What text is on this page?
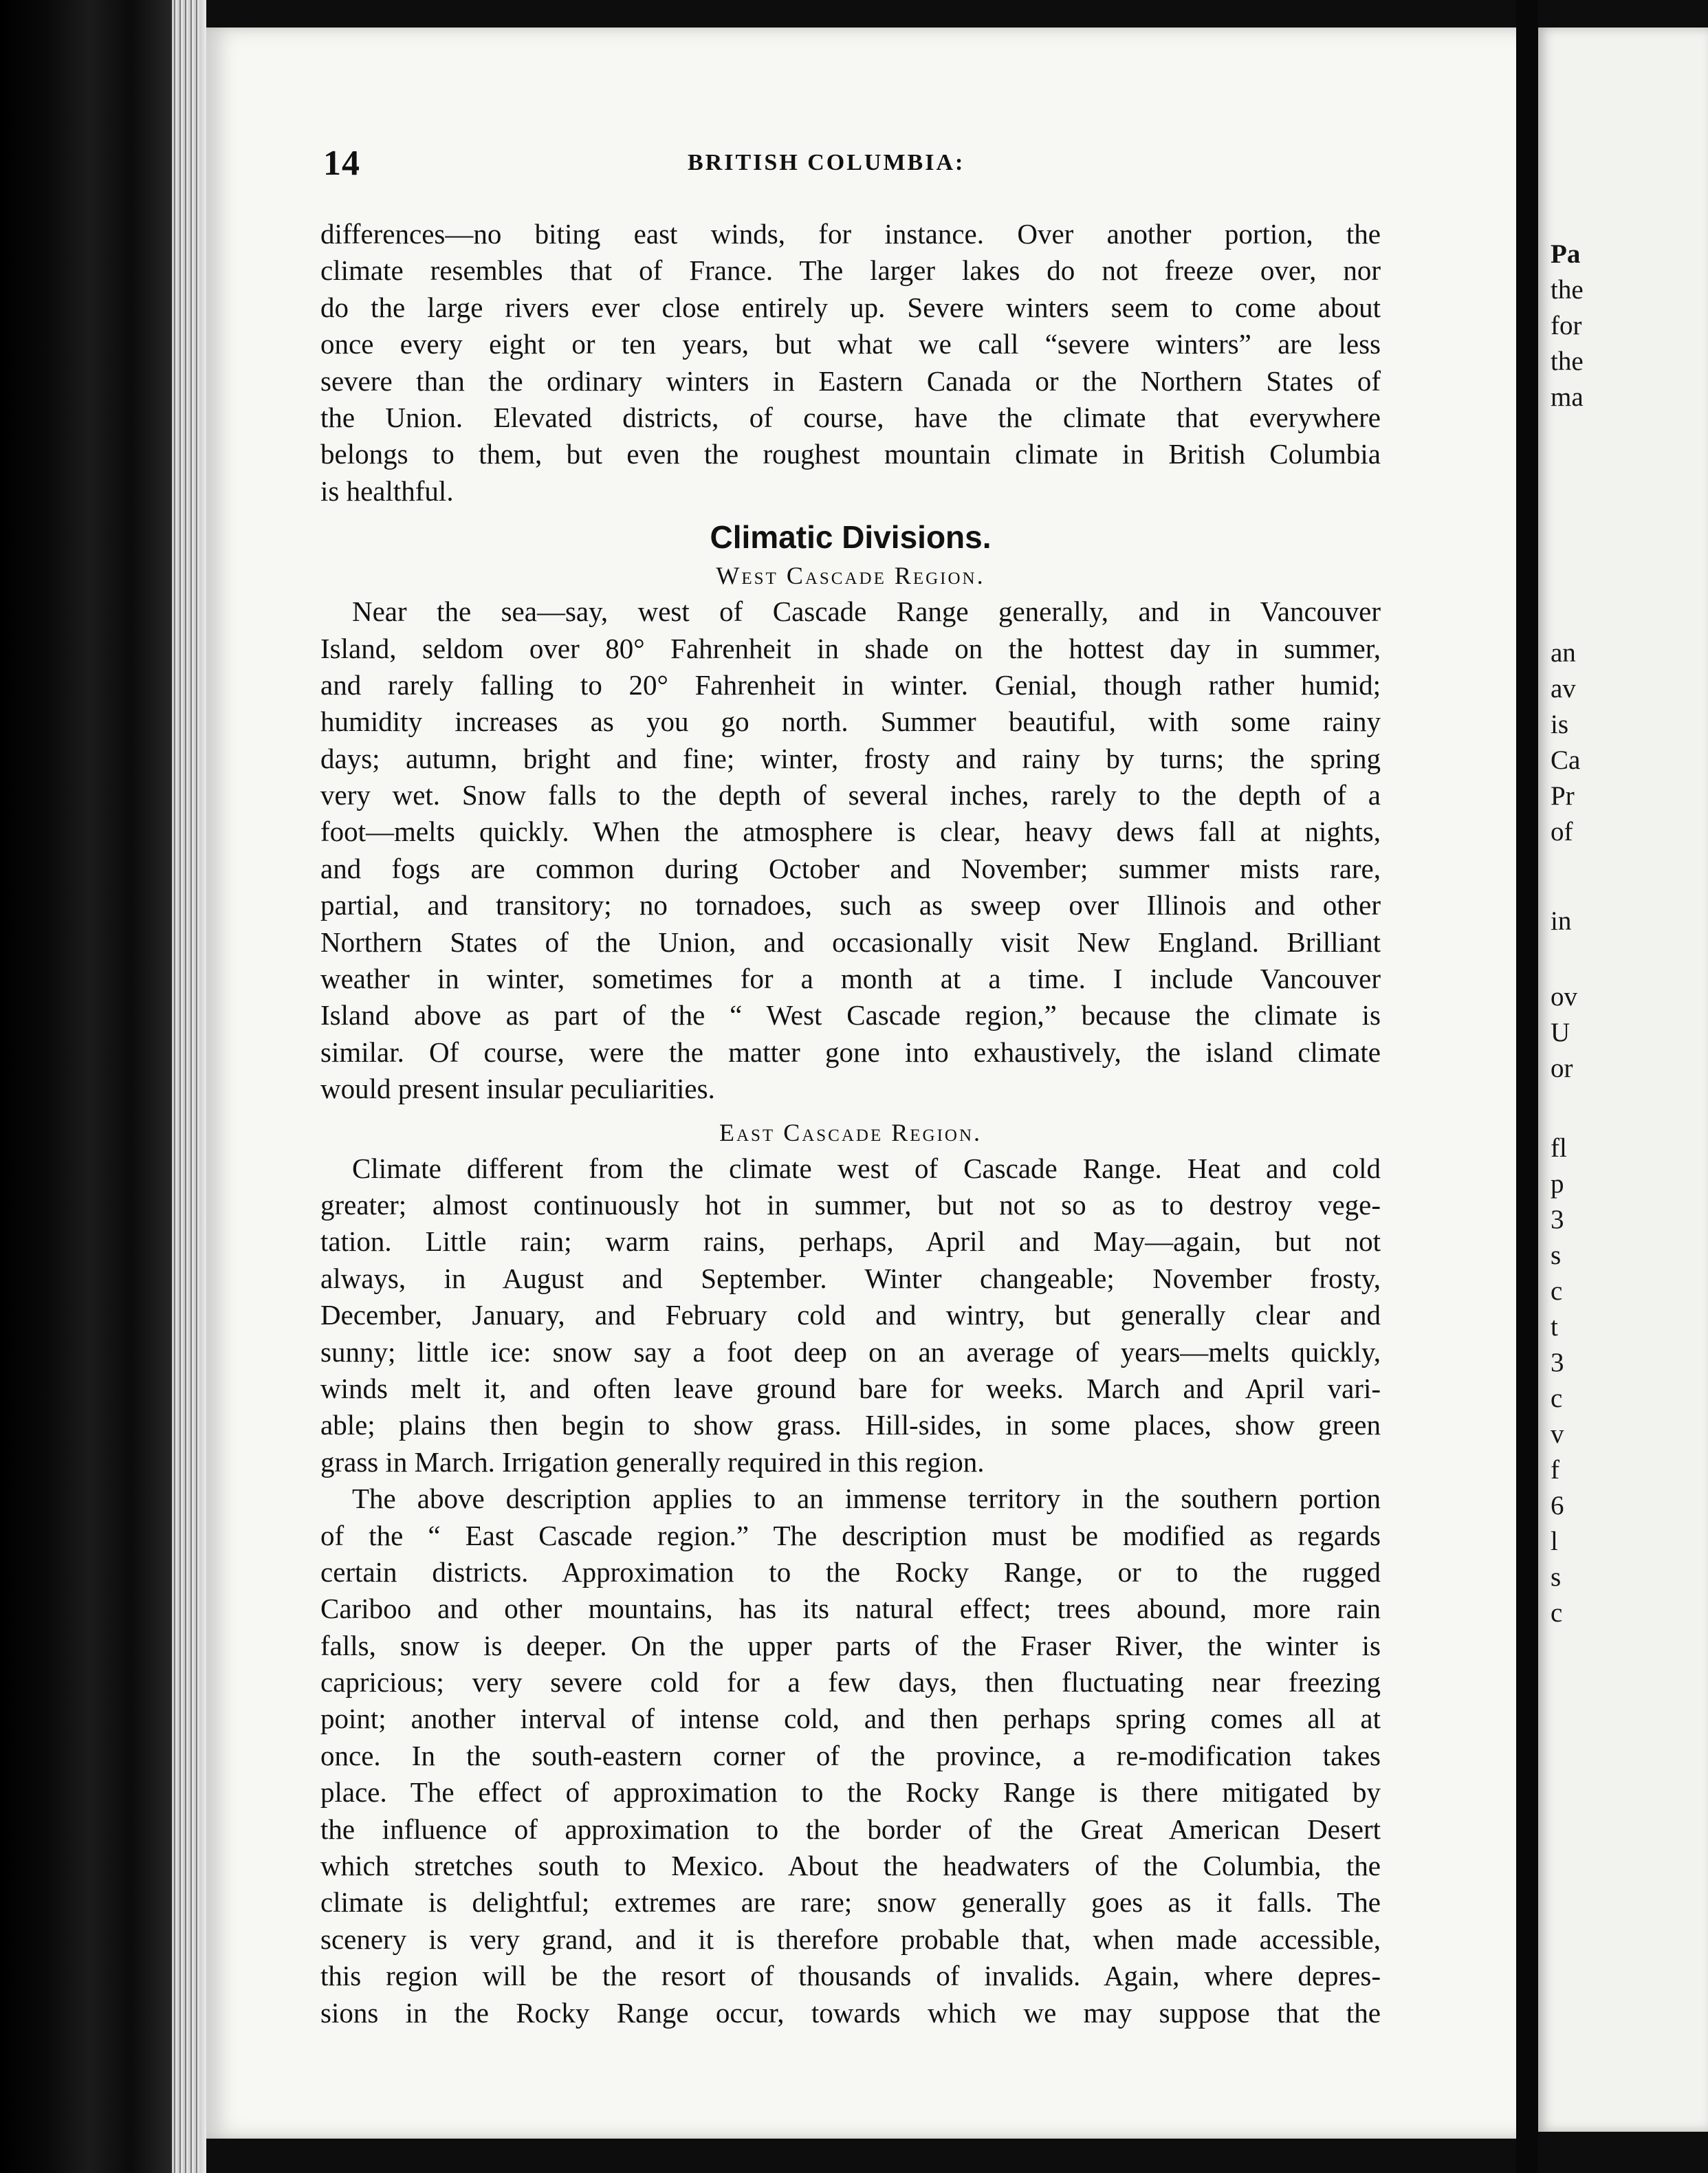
14	BRITISH COLUMBIA:
differences—no biting east winds, for instance. Over another portion, the
climate resembles that of France. The larger lakes do not freeze over, nor
do the large rivers ever close entirely up. Severe winters seem to come about
once every eight or ten years, but what we call “severe winters” are less
severe than the ordinary winters in Eastern Canada or the Northern States of
the Union. Elevated districts, of course, have the climate that everywhere
belongs to them, but even the roughest mountain climate in British Columbia
is healthful.
Climatic Divisions.
West Cascade Region.
Near the sea—say, west of Cascade Range generally, and in Vancouver
Island, seldom over 80° Fahrenheit in shade on the hottest day in summer,
and rarely falling to 20° Fahrenheit in winter. Genial, though rather humid;
humidity increases as you go north. Summer beautiful, with some rainy
days; autumn, bright and fine; winter, frosty and rainy by turns; the spring
very wet. Snow falls to the depth of several inches, rarely to the depth of a
foot—melts quickly. When the atmosphere is clear, heavy dews fall at nights,
and fogs are common during October and November; summer mists rare,
partial, and transitory; no tornadoes, such as sweep over Illinois and other
Northern States of the Union, and occasionally visit New England. Brilliant
weather in winter, sometimes for a month at a time. I include Vancouver
Island above as part of the “ West Cascade region,” because the climate is
similar. Of course, were the matter gone into exhaustively, the island climate
would present insular peculiarities.
East Cascade Region.
Climate different from the climate west of Cascade Range. Heat and cold
greater; almost continuously hot in summer, but not so as to destroy vege-
tation. Little rain; warm rains, perhaps, April and May—again, but not
always, in August and September. Winter changeable; November frosty,
December, January, and February cold and wintry, but generally clear and
sunny; little ice: snow say a foot deep on an average of years—melts quickly,
winds melt it, and often leave ground bare for weeks. March and April vari-
able; plains then begin to show grass. Hill-sides, in some places, show green
grass in March. Irrigation generally required in this region.
The above description applies to an immense territory in the southern portion
of the “ East Cascade region.” The description must be modified as regards
certain districts. Approximation to the Rocky Range, or to the rugged
Cariboo and other mountains, has its natural effect; trees abound, more rain
falls, snow is deeper. On the upper parts of the Fraser River, the winter is
capricious; very severe cold for a few days, then fluctuating near freezing
point; another interval of intense cold, and then perhaps spring comes all at
once. In the south-eastern corner of the province, a re-modification takes
place. The effect of approximation to the Rocky Range is there mitigated by
the influence of approximation to the border of the Great American Desert
which stretches south to Mexico. About the headwaters of the Columbia, the
climate is delightful; extremes are rare; snow generally goes as it falls. The
scenery is very grand, and it is therefore probable that, when made accessible,
this region will be the resort of thousands of invalids. Again, where depres-
sions in the Rocky Range occur, towards which we may suppose that the
Pa
the
for
the
ma
an
av
is
Ca
Pr
of
in
ov
U
or
fl
p
3
s
c
t
3
c
v
f
6
l
s
c
